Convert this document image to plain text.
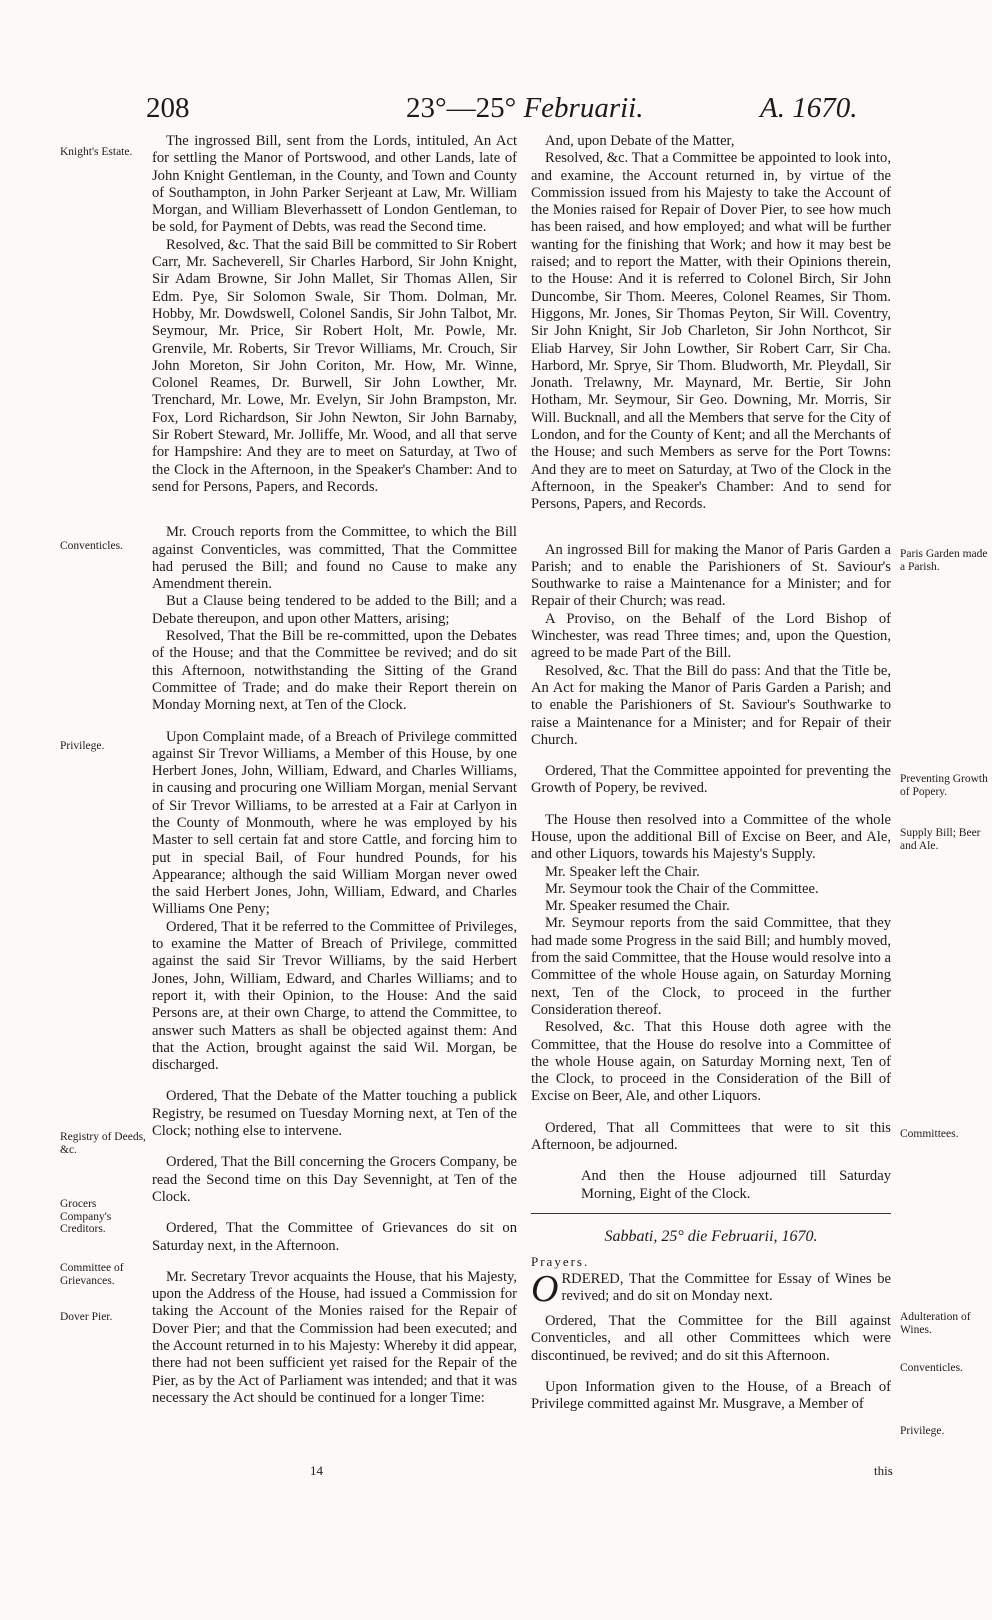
208	23°—25° Februarii.	A. 1670.
Knight's Estate.
Conventicles.
Privilege.
Registry of Deeds, &c.
Grocers Company's Creditors.
Committee of Grievances.
Dover Pier.
Paris Garden made a Parish.
Preventing Growth of Popery.
Supply Bill; Beer and Ale.
Committees.
Adulteration of Wines.
Conventicles.
Privilege.

The ingrossed Bill, sent from the Lords, intituled, An Act for settling the Manor of Portswood, and other Lands, late of John Knight Gentleman, in the County, and Town and County of Southampton, in John Parker Serjeant at Law, Mr. William Morgan, and William Bleverhassett of London Gentleman, to be sold, for Payment of Debts, was read the Second time.

Resolved, &c. That the said Bill be committed to Sir Robert Carr, Mr. Sacheverell, Sir Charles Harbord, Sir John Knight, Sir Adam Browne, Sir John Mallet, Sir Thomas Allen, Sir Edm. Pye, Sir Solomon Swale, Sir Thom. Dolman, Mr. Hobby, Mr. Dowdswell, Colonel Sandis, Sir John Talbot, Mr. Seymour, Mr. Price, Sir Robert Holt, Mr. Powle, Mr. Grenvile, Mr. Roberts, Sir Trevor Williams, Mr. Crouch, Sir John Moreton, Sir John Coriton, Mr. How, Mr. Winne, Colonel Reames, Dr. Burwell, Sir John Lowther, Mr. Trenchard, Mr. Lowe, Mr. Evelyn, Sir John Brampston, Mr. Fox, Lord Richardson, Sir John Newton, Sir John Barnaby, Sir Robert Steward, Mr. Jolliffe, Mr. Wood, and all that serve for Hampshire: And they are to meet on Saturday, at Two of the Clock in the Afternoon, in the Speaker's Chamber: And to send for Persons, Papers, and Records.

Mr. Crouch reports from the Committee, to which the Bill against Conventicles, was committed, That the Committee had perused the Bill; and found no Cause to make any Amendment therein.

But a Clause being tendered to be added to the Bill; and a Debate thereupon, and upon other Matters, arising;

Resolved, That the Bill be re-committed, upon the Debates of the House; and that the Committee be revived; and do sit this Afternoon, notwithstanding the Sitting of the Grand Committee of Trade; and do make their Report therein on Monday Morning next, at Ten of the Clock.

Upon Complaint made, of a Breach of Privilege committed against Sir Trevor Williams, a Member of this House, by one Herbert Jones, John, William, Edward, and Charles Williams, in causing and procuring one William Morgan, menial Servant of Sir Trevor Williams, to be arrested at a Fair at Carlyon in the County of Monmouth, where he was employed by his Master to sell certain fat and store Cattle, and forcing him to put in special Bail, of Four hundred Pounds, for his Appearance; although the said William Morgan never owed the said Herbert Jones, John, William, Edward, and Charles Williams One Peny;

Ordered, That it be referred to the Committee of Privileges, to examine the Matter of Breach of Privilege, committed against the said Sir Trevor Williams, by the said Herbert Jones, John, William, Edward, and Charles Williams; and to report it, with their Opinion, to the House: And the said Persons are, at their own Charge, to attend the Committee, to answer such Matters as shall be objected against them: And that the Action, brought against the said Wil. Morgan, be discharged.

Ordered, That the Debate of the Matter touching a publick Registry, be resumed on Tuesday Morning next, at Ten of the Clock; nothing else to intervene.

Ordered, That the Bill concerning the Grocers Company, be read the Second time on this Day Sevennight, at Ten of the Clock.

Ordered, That the Committee of Grievances do sit on Saturday next, in the Afternoon.

Mr. Secretary Trevor acquaints the House, that his Majesty, upon the Address of the House, had issued a Commission for taking the Account of the Monies raised for the Repair of Dover Pier; and that the Commission had been executed; and the Account returned in to his Majesty: Whereby it did appear, there had not been sufficient yet raised for the Repair of the Pier, as by the Act of Parliament was intended; and that it was necessary the Act should be continued for a longer Time:

And, upon Debate of the Matter,

Resolved, &c. That a Committee be appointed to look into, and examine, the Account returned in, by virtue of the Commission issued from his Majesty to take the Account of the Monies raised for Repair of Dover Pier, to see how much has been raised, and how employed; and what will be further wanting for the finishing that Work; and how it may best be raised; and to report the Matter, with their Opinions therein, to the House: And it is referred to Colonel Birch, Sir John Duncombe, Sir Thom. Meeres, Colonel Reames, Sir Thom. Higgons, Mr. Jones, Sir Thomas Peyton, Sir Will. Coventry, Sir John Knight, Sir Job Charleton, Sir John Northcot, Sir Eliab Harvey, Sir John Lowther, Sir Robert Carr, Sir Cha. Harbord, Mr. Sprye, Sir Thom. Bludworth, Mr. Pleydall, Sir Jonath. Trelawny, Mr. Maynard, Mr. Bertie, Sir John Hotham, Mr. Seymour, Sir Geo. Downing, Mr. Morris, Sir Will. Bucknall, and all the Members that serve for the City of London, and for the County of Kent; and all the Merchants of the House; and such Members as serve for the Port Towns: And they are to meet on Saturday, at Two of the Clock in the Afternoon, in the Speaker's Chamber: And to send for Persons, Papers, and Records.

An ingrossed Bill for making the Manor of Paris Garden a Parish; and to enable the Parishioners of St. Saviour's Southwarke to raise a Maintenance for a Minister; and for Repair of their Church; was read.

A Proviso, on the Behalf of the Lord Bishop of Winchester, was read Three times; and, upon the Question, agreed to be made Part of the Bill.

Resolved, &c. That the Bill do pass: And that the Title be, An Act for making the Manor of Paris Garden a Parish; and to enable the Parishioners of St. Saviour's Southwarke to raise a Maintenance for a Minister; and for Repair of their Church.

Ordered, That the Committee appointed for preventing the Growth of Popery, be revived.

The House then resolved into a Committee of the whole House, upon the additional Bill of Excise on Beer, and Ale, and other Liquors, towards his Majesty's Supply.

Mr. Speaker left the Chair.

Mr. Seymour took the Chair of the Committee.

Mr. Speaker resumed the Chair.

Mr. Seymour reports from the said Committee, that they had made some Progress in the said Bill; and humbly moved, from the said Committee, that the House would resolve into a Committee of the whole House again, on Saturday Morning next, Ten of the Clock, to proceed in the further Consideration thereof.

Resolved, &c. That this House doth agree with the Committee, that the House do resolve into a Committee of the whole House again, on Saturday Morning next, Ten of the Clock, to proceed in the Consideration of the Bill of Excise on Beer, Ale, and other Liquors.

Ordered, That all Committees that were to sit this Afternoon, be adjourned.

And then the House adjourned till Saturday Morning, Eight of the Clock.

Sabbati, 25° die Februarii, 1670.

Prayers.

ORDERED, That the Committee for Essay of Wines be revived; and do sit on Monday next.

Ordered, That the Committee for the Bill against Conventicles, and all other Committees which were discontinued, be revived; and do sit this Afternoon.

Upon Information given to the House, of a Breach of Privilege committed against Mr. Musgrave, a Member of

14	this
